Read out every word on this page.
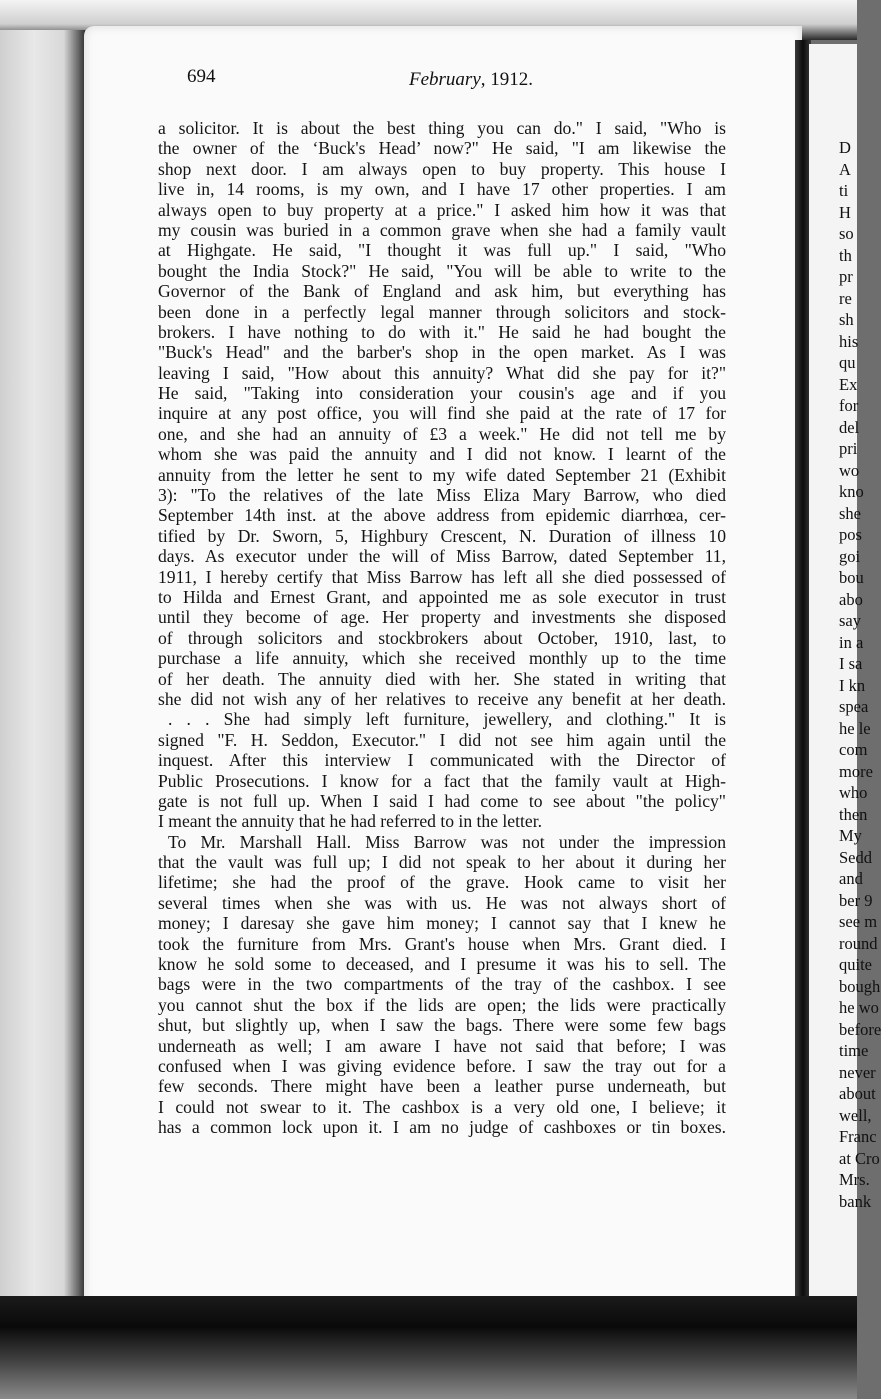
694	February, 1912.
a solicitor. It is about the best thing you can do." I said, "Who is
the owner of the ‘Buck's Head’ now?" He said, "I am likewise the
shop next door. I am always open to buy property. This house I
live in, 14 rooms, is my own, and I have 17 other properties. I am
always open to buy property at a price." I asked him how it was that
my cousin was buried in a common grave when she had a family vault
at Highgate. He said, "I thought it was full up." I said, "Who
bought the India Stock?" He said, "You will be able to write to the
Governor of the Bank of England and ask him, but everything has
been done in a perfectly legal manner through solicitors and stock-
brokers. I have nothing to do with it." He said he had bought the
"Buck's Head" and the barber's shop in the open market. As I was
leaving I said, "How about this annuity? What did she pay for it?"
He said, "Taking into consideration your cousin's age and if you
inquire at any post office, you will find she paid at the rate of 17 for
one, and she had an annuity of £3 a week." He did not tell me by
whom she was paid the annuity and I did not know. I learnt of the
annuity from the letter he sent to my wife dated September 21 (Exhibit
3): "To the relatives of the late Miss Eliza Mary Barrow, who died
September 14th inst. at the above address from epidemic diarrhœa, cer-
tified by Dr. Sworn, 5, Highbury Crescent, N. Duration of illness 10
days. As executor under the will of Miss Barrow, dated September 11,
1911, I hereby certify that Miss Barrow has left all she died possessed of
to Hilda and Ernest Grant, and appointed me as sole executor in trust
until they become of age. Her property and investments she disposed
of through solicitors and stockbrokers about October, 1910, last, to
purchase a life annuity, which she received monthly up to the time
of her death. The annuity died with her. She stated in writing that
she did not wish any of her relatives to receive any benefit at her death.
. . . She had simply left furniture, jewellery, and clothing." It is
signed "F. H. Seddon, Executor." I did not see him again until the
inquest. After this interview I communicated with the Director of
Public Prosecutions. I know for a fact that the family vault at High-
gate is not full up. When I said I had come to see about "the policy"
I meant the annuity that he had referred to in the letter.
To Mr. Marshall Hall. Miss Barrow was not under the impression
that the vault was full up; I did not speak to her about it during her
lifetime; she had the proof of the grave. Hook came to visit her
several times when she was with us. He was not always short of
money; I daresay she gave him money; I cannot say that I knew he
took the furniture from Mrs. Grant's house when Mrs. Grant died. I
know he sold some to deceased, and I presume it was his to sell. The
bags were in the two compartments of the tray of the cashbox. I see
you cannot shut the box if the lids are open; the lids were practically
shut, but slightly up, when I saw the bags. There were some few bags
underneath as well; I am aware I have not said that before; I was
confused when I was giving evidence before. I saw the tray out for a
few seconds. There might have been a leather purse underneath, but
I could not swear to it. The cashbox is a very old one, I believe; it
has a common lock upon it. I am no judge of cashboxes or tin boxes.
D
A
ti
H
so
th
pr
re
sh
his
qu
Ex
for
del
pri
wo
kno
she
pos
goi
bou
abo
say
in a
I sa
I kn
spea
he le
com
more
who
then
My
Sedd
and
ber 9
see m
round
quite
bough
he wo
before
time
never
about
well,
Franc
at Cro
Mrs.
bank
